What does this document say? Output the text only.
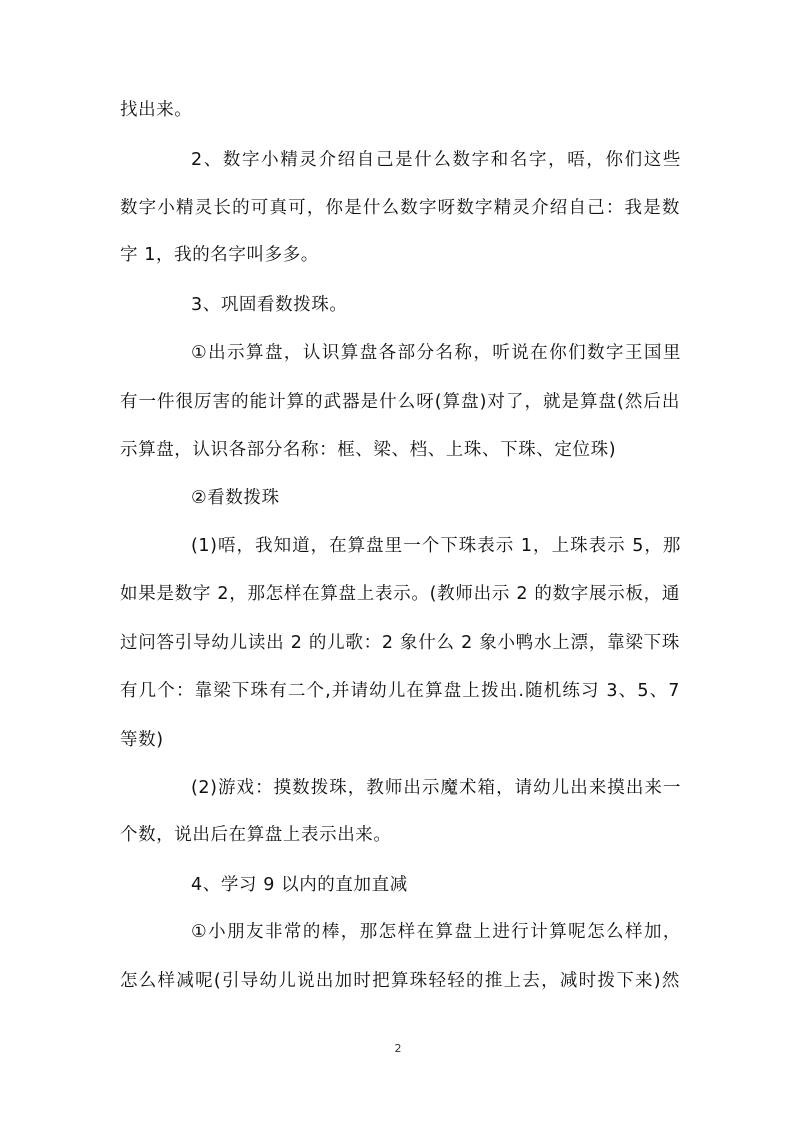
找出来。
2、数字小精灵介绍自己是什么数字和名字，唔，你们这些
数字小精灵长的可真可，你是什么数字呀数字精灵介绍自己：我是数
字 1，我的名字叫多多。
3、巩固看数拨珠。
①出示算盘，认识算盘各部分名称，听说在你们数字王国里
有一件很厉害的能计算的武器是什么呀(算盘)对了，就是算盘(然后出
示算盘，认识各部分名称：框、梁、档、上珠、下珠、定位珠)
②看数拨珠
(1)唔，我知道，在算盘里一个下珠表示 1，上珠表示 5，那
如果是数字 2，那怎样在算盘上表示。(教师出示 2 的数字展示板，通
过问答引导幼儿读出 2 的儿歌：2 象什么 2 象小鸭水上漂，靠梁下珠
有几个：靠梁下珠有二个,并请幼儿在算盘上拨出.随机练习 3、5、7
等数)
(2)游戏：摸数拨珠，教师出示魔术箱，请幼儿出来摸出来一
个数，说出后在算盘上表示出来。
4、学习 9 以内的直加直减
①小朋友非常的棒，那怎样在算盘上进行计算呢怎么样加，
怎么样减呢(引导幼儿说出加时把算珠轻轻的推上去，减时拨下来)然
2
